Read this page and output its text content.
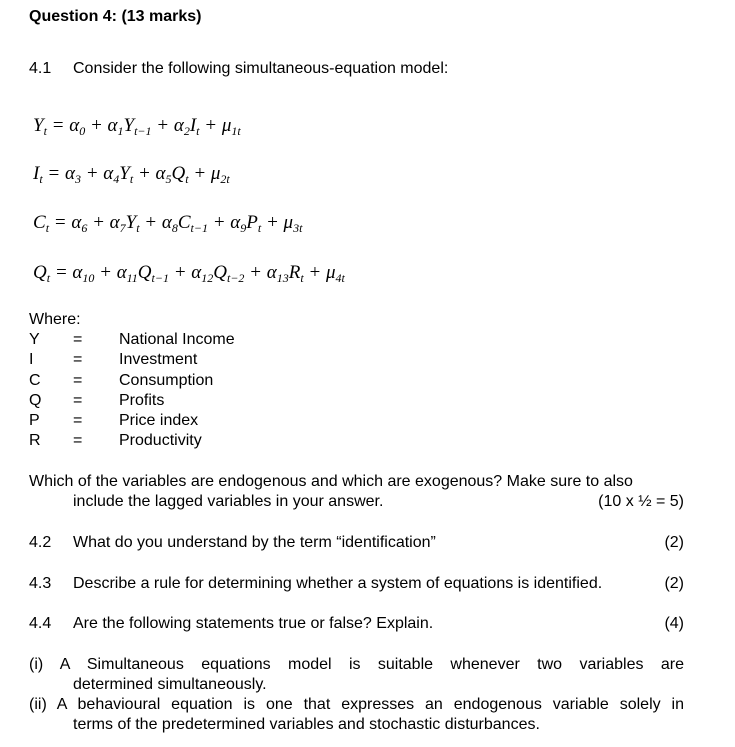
Question 4: (13 marks)
4.1 Consider the following simultaneous-equation model:
$Y_t = \alpha_0 + \alpha_1Y_{t-1} + \alpha_2I_t + \mu_{1t}$
$I_t = \alpha_3 + \alpha_4Y_t + \alpha_5Q_t + \mu_{2t}$
$C_t = \alpha_6 + \alpha_7Y_t + \alpha_8C_{t-1} + \alpha_9P_t + \mu_{3t}$
$Q_t = \alpha_{10} + \alpha_{11}Q_{t-1} + \alpha_{12}Q_{t-2} + \alpha_{13}R_t + \mu_{4t}$
Where:
Y = National Income
I = Investment
C = Consumption
Q = Profits
P = Price index
R = Productivity
Which of the variables are endogenous and which are exogenous? Make sure to also
include the lagged variables in your answer.	(10 x ½ = 5)
4.2 What do you understand by the term “identification”	(2)
4.3 Describe a rule for determining whether a system of equations is identified.	(2)
4.4 Are the following statements true or false? Explain.	(4)
(i) A Simultaneous equations model is suitable whenever two variables are
determined simultaneously.
(ii) A behavioural equation is one that expresses an endogenous variable solely in
terms of the predetermined variables and stochastic disturbances.
